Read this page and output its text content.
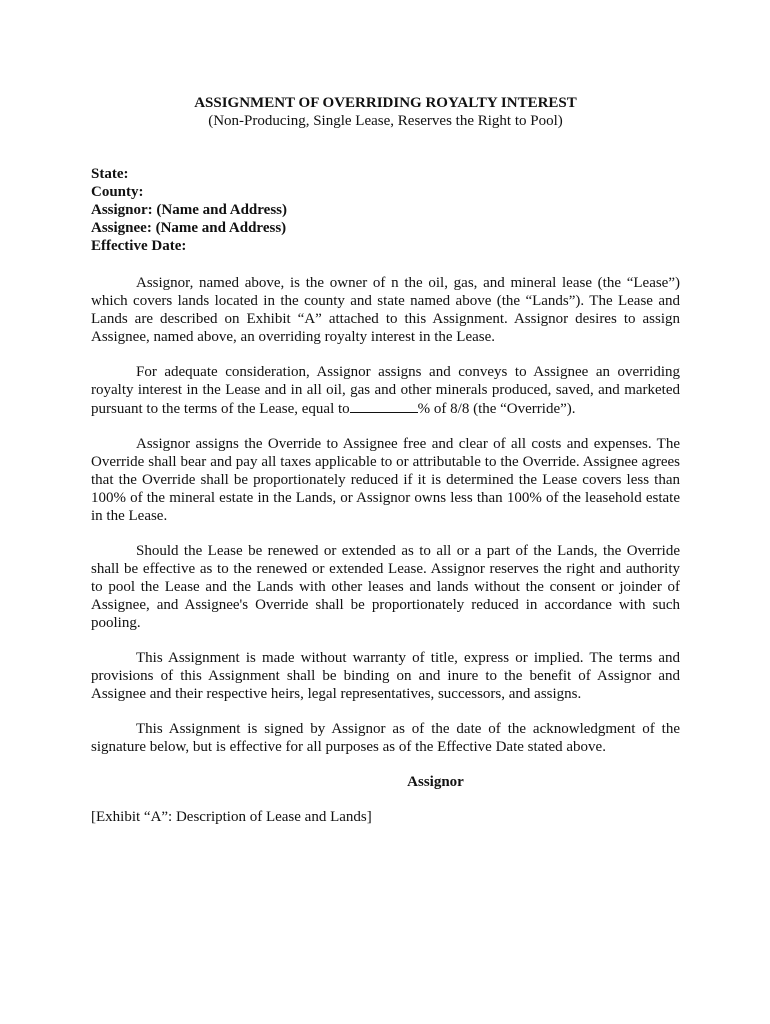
ASSIGNMENT OF OVERRIDING ROYALTY INTEREST

(Non-Producing, Single Lease, Reserves the Right to Pool)

State:
County:
Assignor: (Name and Address)
Assignee: (Name and Address)
Effective Date:

Assignor, named above, is the owner of n the oil, gas, and mineral lease (the “Lease”) which covers lands located in the county and state named above (the “Lands”). The Lease and Lands are described on Exhibit “A” attached to this Assignment. Assignor desires to assign Assignee, named above, an overriding royalty interest in the Lease.

For adequate consideration, Assignor assigns and conveys to Assignee an overriding royalty interest in the Lease and in all oil, gas and other minerals produced, saved, and marketed pursuant to the terms of the Lease, equal to	% of 8/8 (the “Override”).

Assignor assigns the Override to Assignee free and clear of all costs and expenses. The Override shall bear and pay all taxes applicable to or attributable to the Override. Assignee agrees that the Override shall be proportionately reduced if it is determined the Lease covers less than 100% of the mineral estate in the Lands, or Assignor owns less than 100% of the leasehold estate in the Lease.

Should the Lease be renewed or extended as to all or a part of the Lands, the Override shall be effective as to the renewed or extended Lease. Assignor reserves the right and authority to pool the Lease and the Lands with other leases and lands without the consent or joinder of Assignee, and Assignee's Override shall be proportionately reduced in accordance with such pooling.

This Assignment is made without warranty of title, express or implied. The terms and provisions of this Assignment shall be binding on and inure to the benefit of Assignor and Assignee and their respective heirs, legal representatives, successors, and assigns.

This Assignment is signed by Assignor as of the date of the acknowledgment of the signature below, but is effective for all purposes as of the Effective Date stated above.

Assignor
[Exhibit “A”: Description of Lease and Lands]
